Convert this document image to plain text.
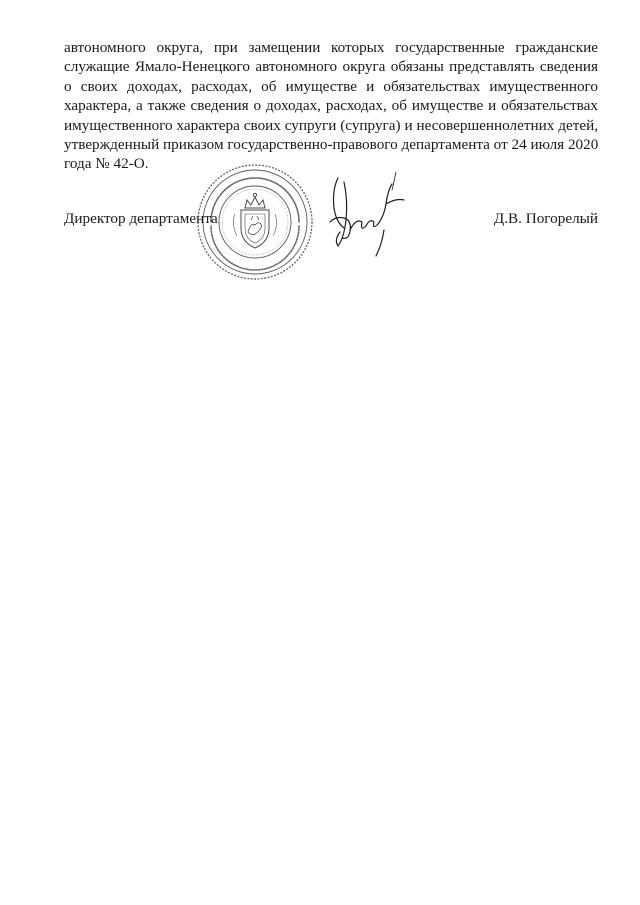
автономного округа, при замещении которых государственные гражданские
служащие Ямало-Ненецкого автономного округа обязаны представлять сведения
о своих доходах, расходах, об имуществе и обязательствах имущественного
характера, а также сведения о доходах, расходах, об имуществе и обязательствах
имущественного характера своих супруги (супруга) и несовершеннолетних детей,
утвержденный приказом государственно-правового департамента от 24 июля 2020
года № 42-О.
Директор департамента	Д.В. Погорелый
